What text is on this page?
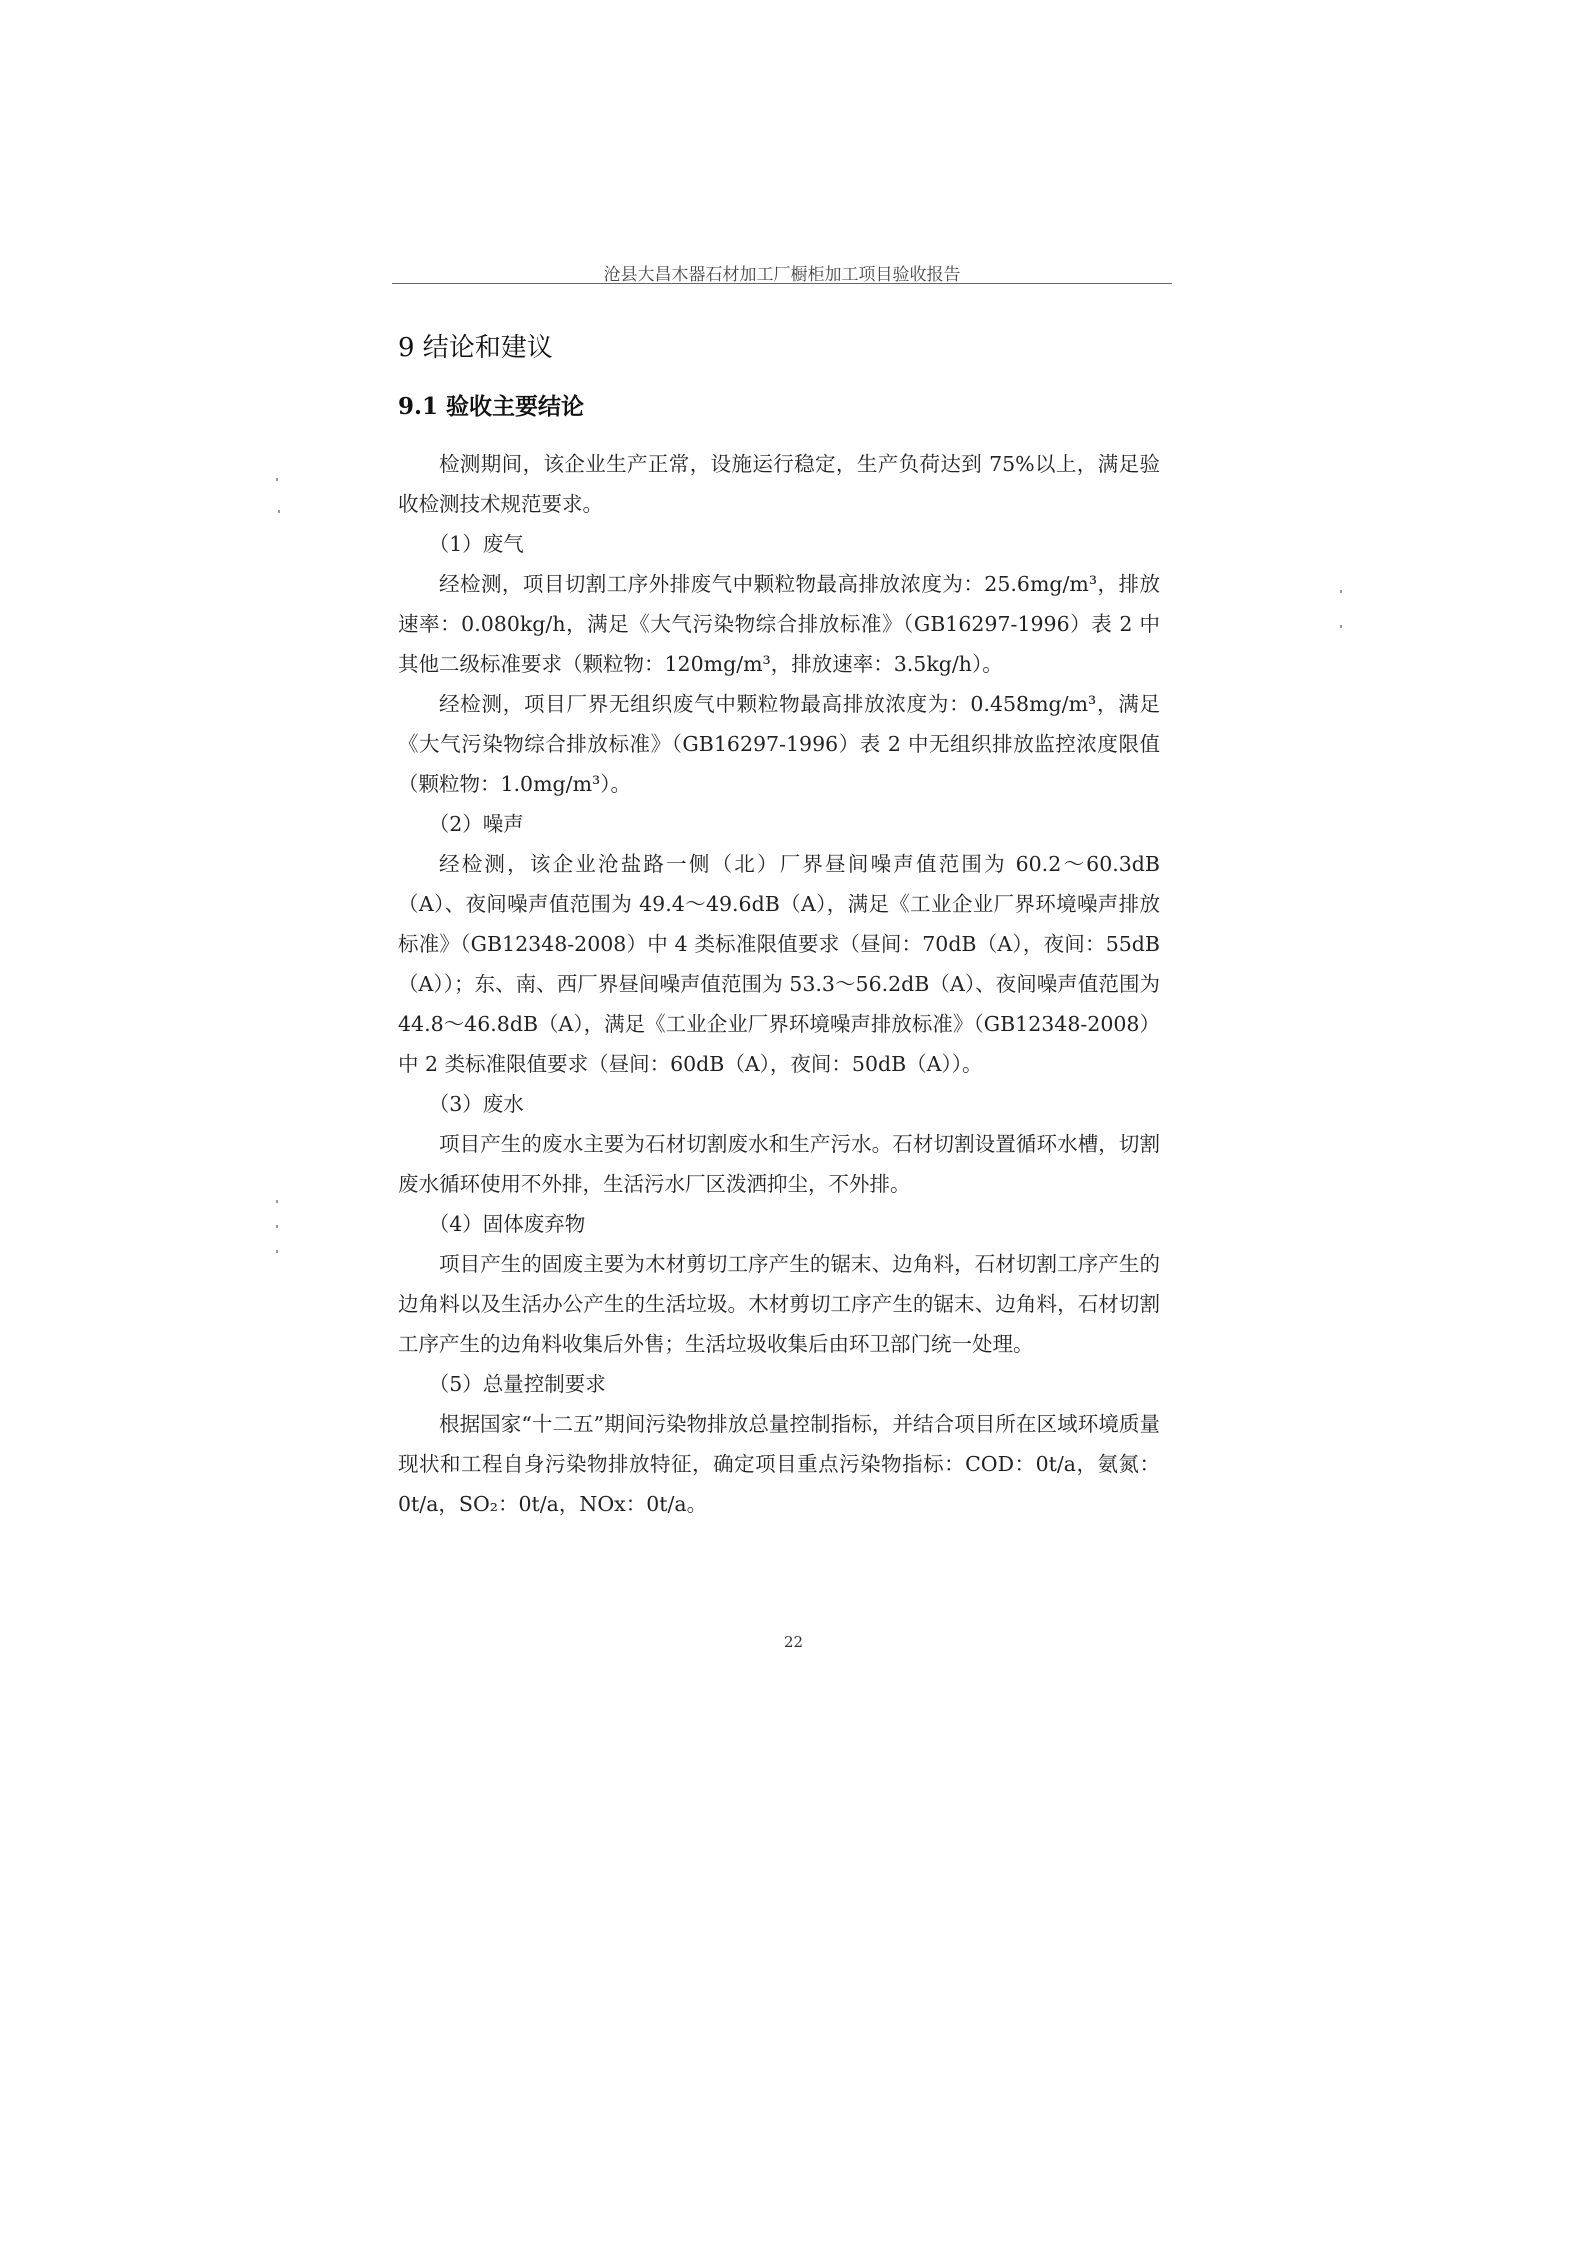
沧县大昌木器石材加工厂橱柜加工项目验收报告
9 结论和建议
9.1 验收主要结论

检测期间，该企业生产正常，设施运行稳定，生产负荷达到 75%以上，满足验收检测技术规范要求。

（1）废气

经检测，项目切割工序外排废气中颗粒物最高排放浓度为：25.6mg/m³，排放速率：0.080kg/h，满足《大气污染物综合排放标准》（GB16297-1996）表 2 中其他二级标准要求（颗粒物：120mg/m³，排放速率：3.5kg/h）。

经检测，项目厂界无组织废气中颗粒物最高排放浓度为：0.458mg/m³，满足《大气污染物综合排放标准》（GB16297-1996）表 2 中无组织排放监控浓度限值（颗粒物：1.0mg/m³）。

（2）噪声

经检测，该企业沧盐路一侧（北）厂界昼间噪声值范围为 60.2～60.3dB（A）、夜间噪声值范围为 49.4～49.6dB（A），满足《工业企业厂界环境噪声排放标准》（GB12348-2008）中 4 类标准限值要求（昼间：70dB（A），夜间：55dB（A））；东、南、西厂界昼间噪声值范围为 53.3～56.2dB（A）、夜间噪声值范围为 44.8～46.8dB（A），满足《工业企业厂界环境噪声排放标准》（GB12348-2008）中 2 类标准限值要求（昼间：60dB（A），夜间：50dB（A））。

（3）废水

项目产生的废水主要为石材切割废水和生产污水。石材切割设置循环水槽，切割废水循环使用不外排，生活污水厂区泼洒抑尘，不外排。

（4）固体废弃物

项目产生的固废主要为木材剪切工序产生的锯末、边角料，石材切割工序产生的边角料以及生活办公产生的生活垃圾。木材剪切工序产生的锯末、边角料，石材切割工序产生的边角料收集后外售；生活垃圾收集后由环卫部门统一处理。

（5）总量控制要求

根据国家“十二五”期间污染物排放总量控制指标，并结合项目所在区域环境质量现状和工程自身污染物排放特征，确定项目重点污染物指标：COD：0t/a，氨氮：0t/a，SO₂：0t/a，NOx：0t/a。

22
